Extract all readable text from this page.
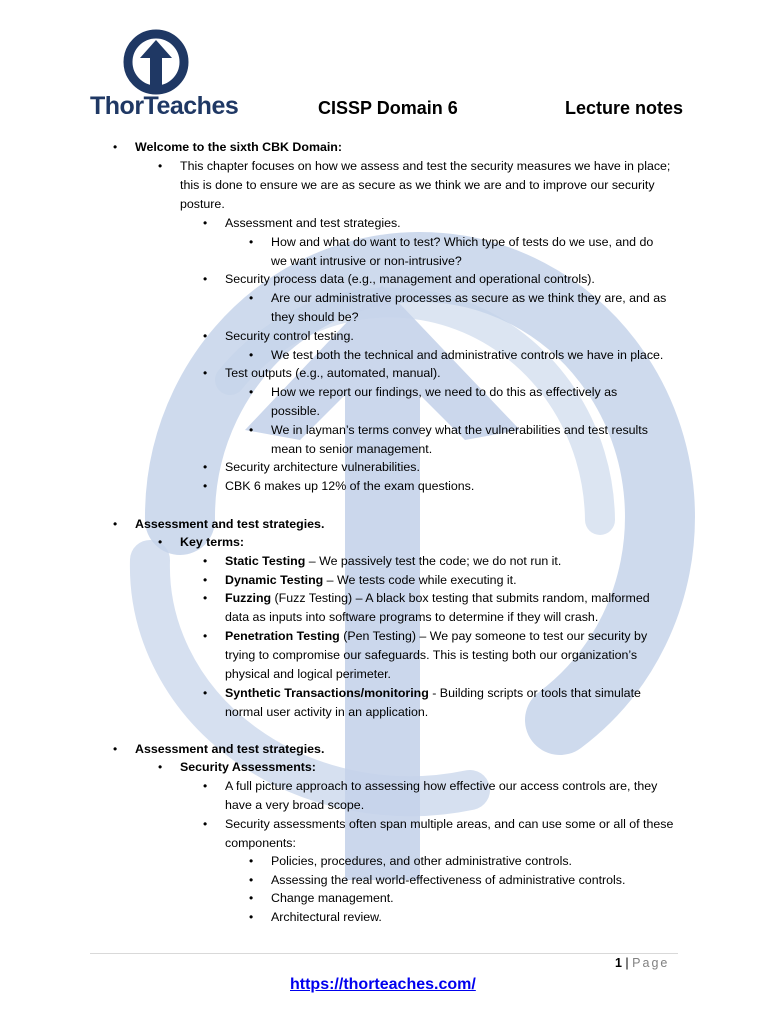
ThorTeaches	CISSP Domain 6	Lecture notes
• Welcome to the sixth CBK Domain:
• This chapter focuses on how we assess and test the security measures we have in place;
this is done to ensure we are as secure as we think we are and to improve our security
posture.
• Assessment and test strategies.
• How and what do want to test? Which type of tests do we use, and do
we want intrusive or non-intrusive?
• Security process data (e.g., management and operational controls).
• Are our administrative processes as secure as we think they are, and as
they should be?
• Security control testing.
• We test both the technical and administrative controls we have in place.
• Test outputs (e.g., automated, manual).
• How we report our findings, we need to do this as effectively as
possible.
• We in layman’s terms convey what the vulnerabilities and test results
mean to senior management.
• Security architecture vulnerabilities.
• CBK 6 makes up 12% of the exam questions.
• Assessment and test strategies.
• Key terms:
• Static Testing – We passively test the code; we do not run it.
• Dynamic Testing – We tests code while executing it.
• Fuzzing (Fuzz Testing) – A black box testing that submits random, malformed
data as inputs into software programs to determine if they will crash.
• Penetration Testing (Pen Testing) – We pay someone to test our security by
trying to compromise our safeguards. This is testing both our organization’s
physical and logical perimeter.
• Synthetic Transactions/monitoring - Building scripts or tools that simulate
normal user activity in an application.
• Assessment and test strategies.
• Security Assessments:
• A full picture approach to assessing how effective our access controls are, they
have a very broad scope.
• Security assessments often span multiple areas, and can use some or all of these
components:
• Policies, procedures, and other administrative controls.
• Assessing the real world-effectiveness of administrative controls.
• Change management.
• Architectural review.
1 | Page
https://thorteaches.com/
